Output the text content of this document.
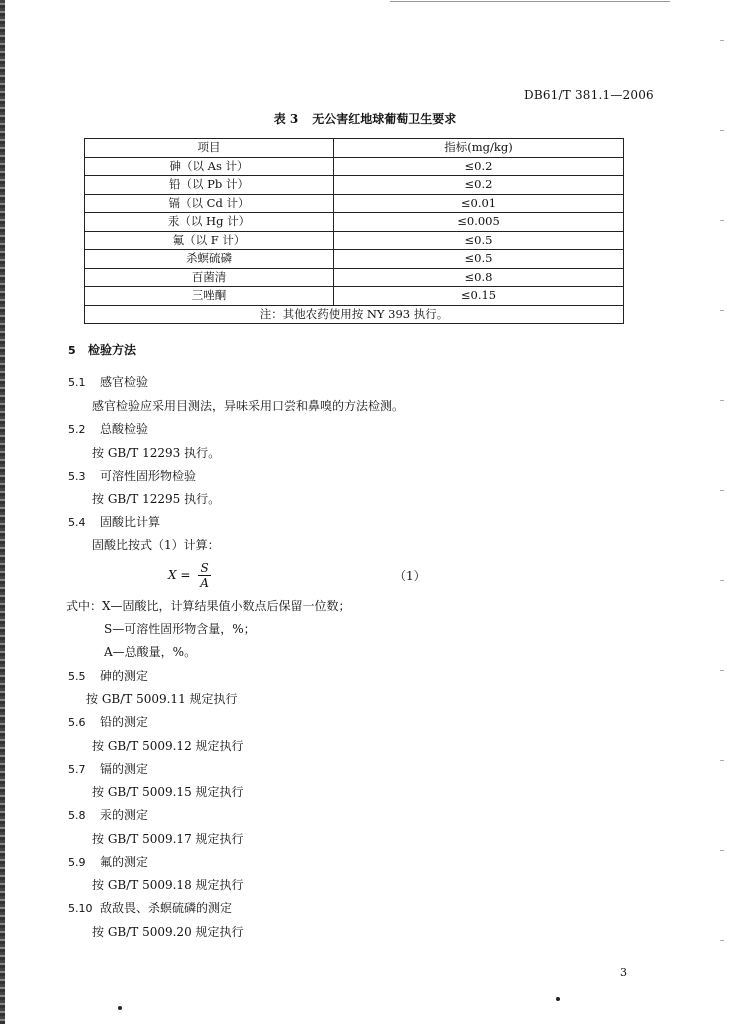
DB61/T 381.1—2006
表 3 无公害红地球葡萄卫生要求
项目	指标(mg/kg)
砷（以 As 计）	≤0.2
铅（以 Pb 计）	≤0.2
镉（以 Cd 计）	≤0.01
汞（以 Hg 计）	≤0.005
氟（以 F 计）	≤0.5
杀螟硫磷	≤0.5
百菌清	≤0.8
三唑酮	≤0.15
注：其他农药使用按 NY 393 执行。	
5 检验方法
5.1 感官检验
感官检验应采用目测法，异味采用口尝和鼻嗅的方法检测。
5.2 总酸检验
按 GB/T 12293 执行。
5.3 可溶性固形物检验
按 GB/T 12295 执行。
5.4 固酸比计算
固酸比按式（1）计算：
$X = \frac{S}{A}$	（1）
式中：X—固酸比，计算结果值小数点后保留一位数；
S—可溶性固形物含量，%；
A—总酸量，%。
5.5 砷的测定
按 GB/T 5009.11 规定执行
5.6 铅的测定
按 GB/T 5009.12 规定执行
5.7 镉的测定
按 GB/T 5009.15 规定执行
5.8 汞的测定
按 GB/T 5009.17 规定执行
5.9 氟的测定
按 GB/T 5009.18 规定执行
5.10 敌敌畏、杀螟硫磷的测定
按 GB/T 5009.20 规定执行
3
